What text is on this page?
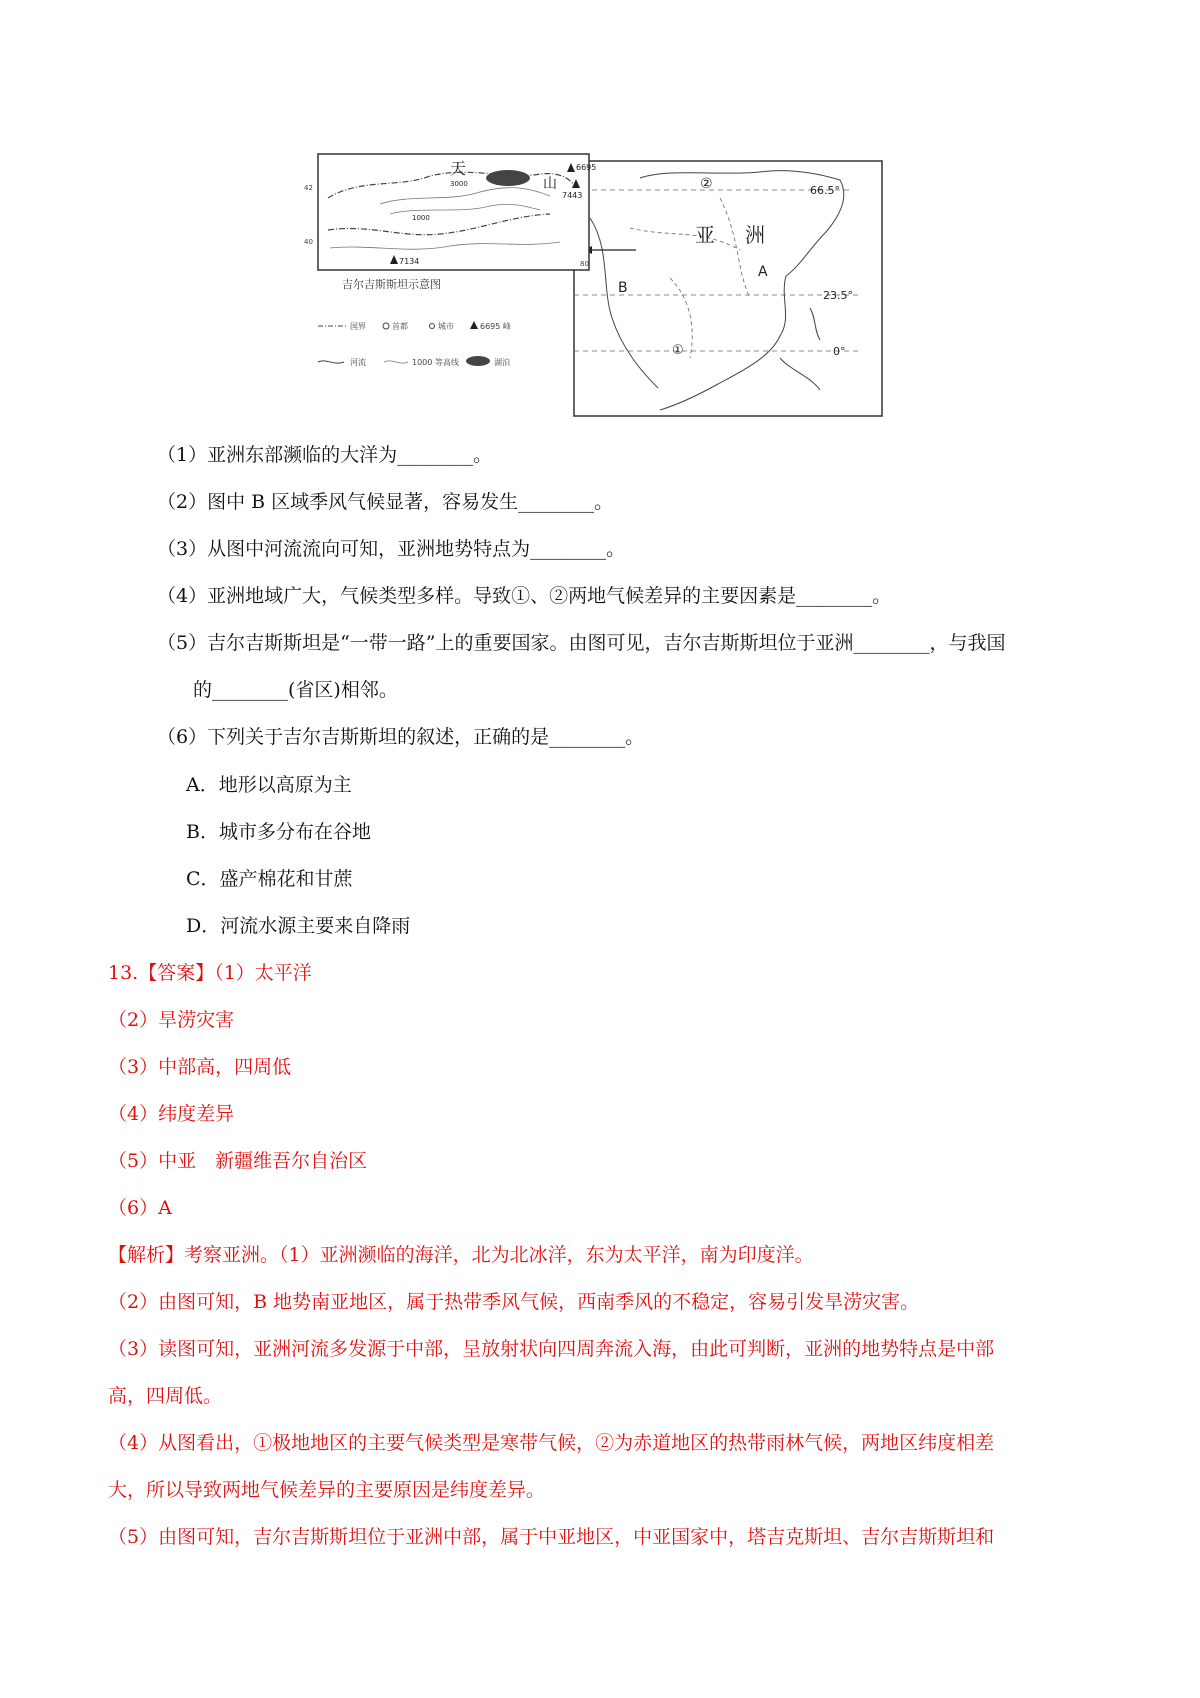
66.5°
23.5°
0°
亚 洲
A
B
②
①
天
山
3000
1000
6695
7443
7134
42
40
80
吉尔吉斯斯坦示意图
国界	首都	城市	6695 峰
河流	1000 等高线	湖泊
（1）亚洲东部濒临的大洋为________。
（2）图中 B 区域季风气候显著，容易发生________。
（3）从图中河流流向可知，亚洲地势特点为________。
（4）亚洲地域广大，气候类型多样。导致①、②两地气候差异的主要因素是________。
（5）吉尔吉斯斯坦是“一带一路”上的重要国家。由图可见，吉尔吉斯斯坦位于亚洲________，与我国
的________(省区)相邻。
（6）下列关于吉尔吉斯斯坦的叙述，正确的是________。
A．地形以高原为主
B．城市多分布在谷地
C．盛产棉花和甘蔗
D．河流水源主要来自降雨
13.【答案】（1）太平洋
（2）旱涝灾害
（3）中部高，四周低
（4）纬度差异
（5）中亚　新疆维吾尔自治区
（6）A
【解析】考察亚洲。（1）亚洲濒临的海洋，北为北冰洋，东为太平洋，南为印度洋。
（2）由图可知，B 地势南亚地区，属于热带季风气候，西南季风的不稳定，容易引发旱涝灾害。
（3）读图可知，亚洲河流多发源于中部，呈放射状向四周奔流入海，由此可判断，亚洲的地势特点是中部
高，四周低。
（4）从图看出，①极地地区的主要气候类型是寒带气候，②为赤道地区的热带雨林气候，两地区纬度相差
大，所以导致两地气候差异的主要原因是纬度差异。
（5）由图可知，吉尔吉斯斯坦位于亚洲中部，属于中亚地区，中亚国家中，塔吉克斯坦、吉尔吉斯斯坦和
